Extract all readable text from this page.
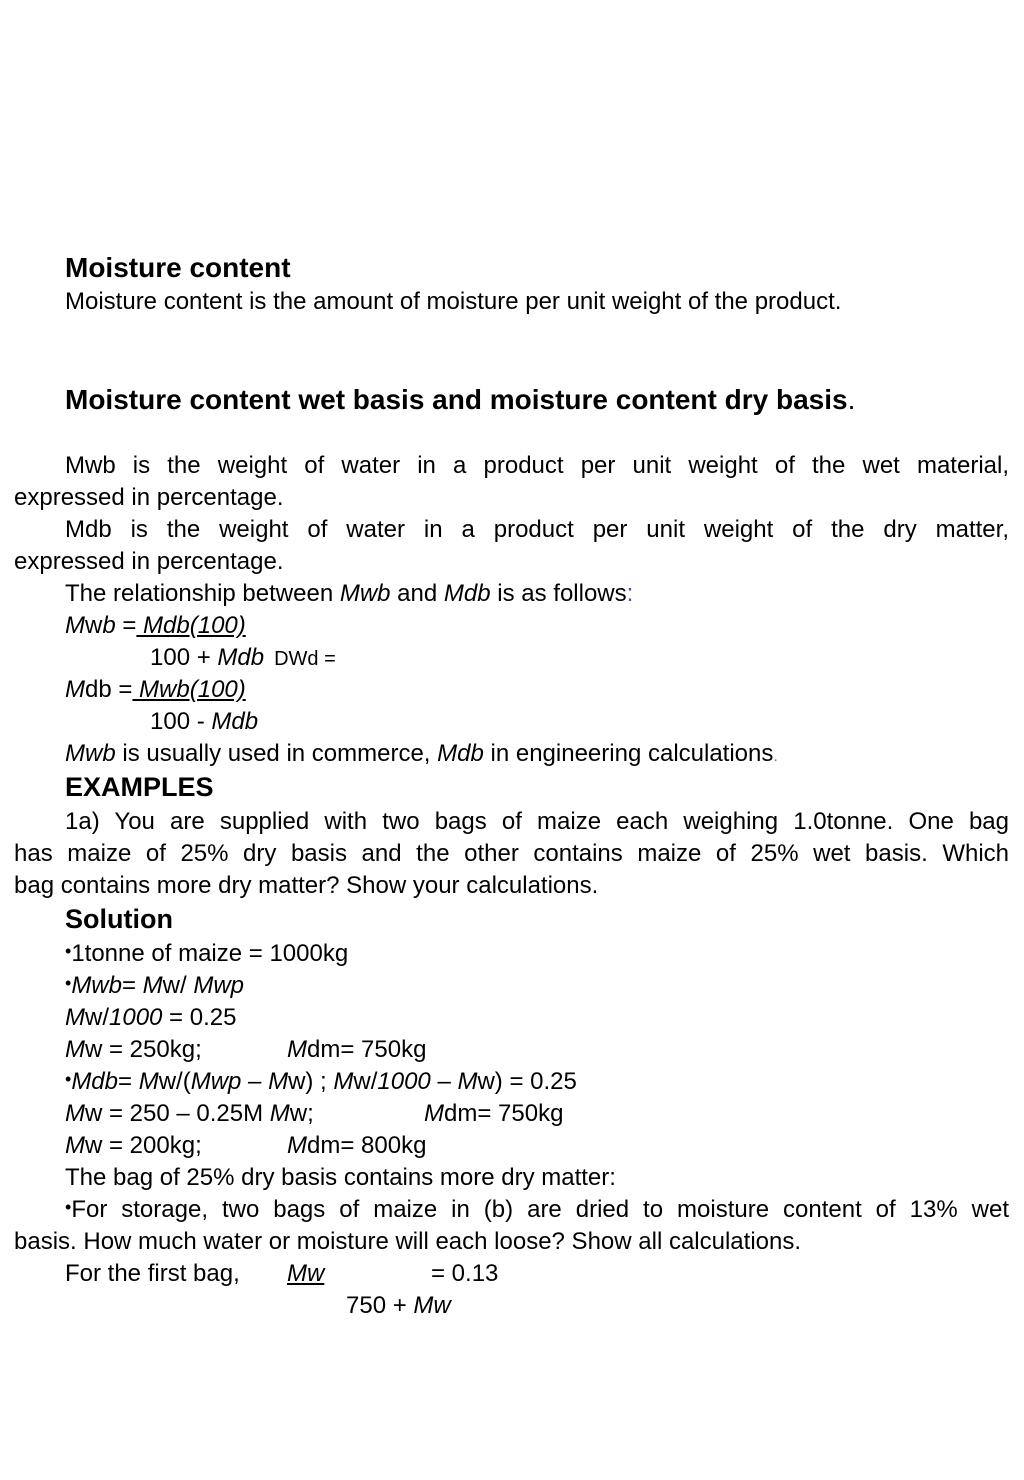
Moisture content
Moisture content is the amount of moisture per unit weight of the product.
Moisture content wet basis and moisture content dry basis.
Mwb is the weight of water in a product per unit weight of the wet material,
expressed in percentage.
Mdb is the weight of water in a product per unit weight of the dry matter,
expressed in percentage.
The relationship between Mwb and Mdb is as follows:
Mwb = Mdb(100)
100 + Mdb DWd =
Mdb = Mwb(100)
100 - Mdb
Mwb is usually used in commerce, Mdb in engineering calculations.
EXAMPLES
1a) You are supplied with two bags of maize each weighing 1.0tonne. One bag
has maize of 25% dry basis and the other contains maize of 25% wet basis. Which
bag contains more dry matter? Show your calculations.
Solution
•1tonne of maize = 1000kg
•Mwb= Mw/ Mwp
Mw/1000 = 0.25
Mw = 250kg;	Mdm= 750kg
•Mdb= Mw/(Mwp – Mw) ; Mw/1000 – Mw) = 0.25
Mw = 250 – 0.25M Mw;	Mdm= 750kg
Mw = 200kg;	Mdm= 800kg
The bag of 25% dry basis contains more dry matter:
•For storage, two bags of maize in (b) are dried to moisture content of 13% wet
basis. How much water or moisture will each loose? Show all calculations.
For the first bag, Mw	= 0.13
750 + Mw
